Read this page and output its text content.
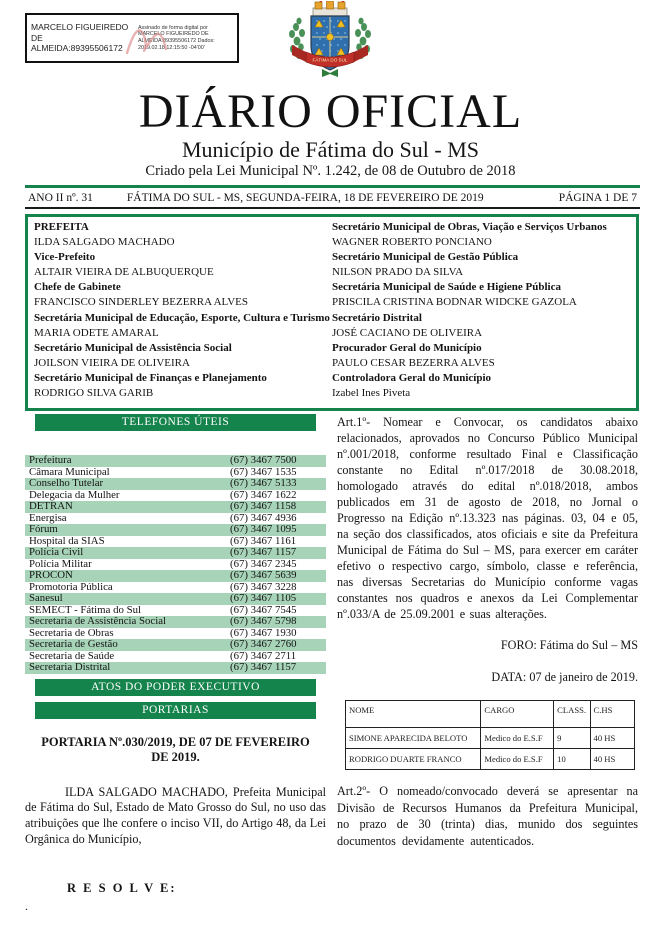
MARCELO FIGUEIREDO DE ALMEIDA:89395506172
Assinado de forma digital por MARCELO FIGUEIREDO DE ALMEIDA:89395506172 Dados: 2019.02.18 12:15:50 -04'00'
FÁTIMA DO SUL
DIÁRIO OFICIAL
Município de Fátima do Sul - MS
Criado pela Lei Municipal Nº. 1.242, de 08 de Outubro de 2018
ANO II nº. 31	FÁTIMA DO SUL - MS, SEGUNDA-FEIRA, 18 DE FEVEREIRO DE 2019	PÁGINA 1 DE 7
PREFEITA
ILDA SALGADO MACHADO
Vice-Prefeito
ALTAIR VIEIRA DE ALBUQUERQUE
Chefe de Gabinete
FRANCISCO SINDERLEY BEZERRA ALVES
Secretária Municipal de Educação, Esporte, Cultura e Turismo
MARIA ODETE AMARAL
Secretário Municipal de Assistência Social
JOILSON VIEIRA DE OLIVEIRA
Secretário Municipal de Finanças e Planejamento
RODRIGO SILVA GARIB
Secretário Municipal de Obras, Viação e Serviços Urbanos
WAGNER ROBERTO PONCIANO
Secretário Municipal de Gestão Pública
NILSON PRADO DA SILVA
Secretária Municipal de Saúde e Higiene Pública
PRISCILA CRISTINA BODNAR WIDCKE GAZOLA
Secretário Distrital
JOSÉ CACIANO DE OLIVEIRA
Procurador Geral do Município
PAULO CESAR BEZERRA ALVES
Controladora Geral do Município
Izabel Ines Piveta
TELEFONES ÚTEIS
Prefeitura	(67) 3467 7500
Câmara Municipal	(67) 3467 1535
Conselho Tutelar	(67) 3467 5133
Delegacia da Mulher	(67) 3467 1622
DETRAN	(67) 3467 1158
Energisa	(67) 3467 4936
Fórum	(67) 3467 1095
Hospital da SIAS	(67) 3467 1161
Polícia Civil	(67) 3467 1157
Polícia Militar	(67) 3467 2345
PROCON	(67) 3467 5639
Promotoria Pública	(67) 3467 3228
Sanesul	(67) 3467 1105
SEMECT - Fátima do Sul	(67) 3467 7545
Secretaria de Assistência Social	(67) 3467 5798
Secretaria de Obras	(67) 3467 1930
Secretaria de Gestão	(67) 3467 2760
Secretaria de Saúde	(67) 3467 2711
Secretaria Distrital	(67) 3467 1157
ATOS DO PODER EXECUTIVO
PORTARIAS
PORTARIA Nº.030/2019, DE 07 DE FEVEREIRO DE 2019.

ILDA SALGADO MACHADO, Prefeita Municipal de Fátima do Sul, Estado de Mato Grosso do Sul, no uso das atribuições que lhe confere o inciso VII, do Artigo 48, da Lei Orgânica do Município,

R E S O L V E:
.

Art.1º- Nomear e Convocar, os candidatos abaixo relacionados, aprovados no Concurso Público Municipal nº.001/2018, conforme resultado Final e Classificação constante no Edital nº.017/2018 de 30.08.2018, homologado através do edital nº.018/2018, ambos publicados em 31 de agosto de 2018, no Jornal o Progresso na Edição nº.13.323 nas páginas. 03, 04 e 05, na seção dos classificados, atos oficiais e site da Prefeitura Municipal de Fátima do Sul – MS, para exercer em caráter efetivo o respectivo cargo, símbolo, classe e referência, nas diversas Secretarias do Município conforme vagas constantes nos quadros e anexos da Lei Complementar nº.033/A de 25.09.2001 e suas alterações.

FORO: Fátima do Sul – MS
DATA: 07 de janeiro de 2019.
NOME	CARGO	CLASS.	C.HS
SIMONE APARECIDA BELOTO	Medico do E.S.F	9	40 HS
RODRIGO DUARTE FRANCO	Medico do E.S.F	10	40 HS

Art.2º- O nomeado/convocado deverá se apresentar na Divisão de Recursos Humanos da Prefeitura Municipal, no prazo de 30 (trinta) dias, munido dos seguintes documentos devidamente autenticados.
